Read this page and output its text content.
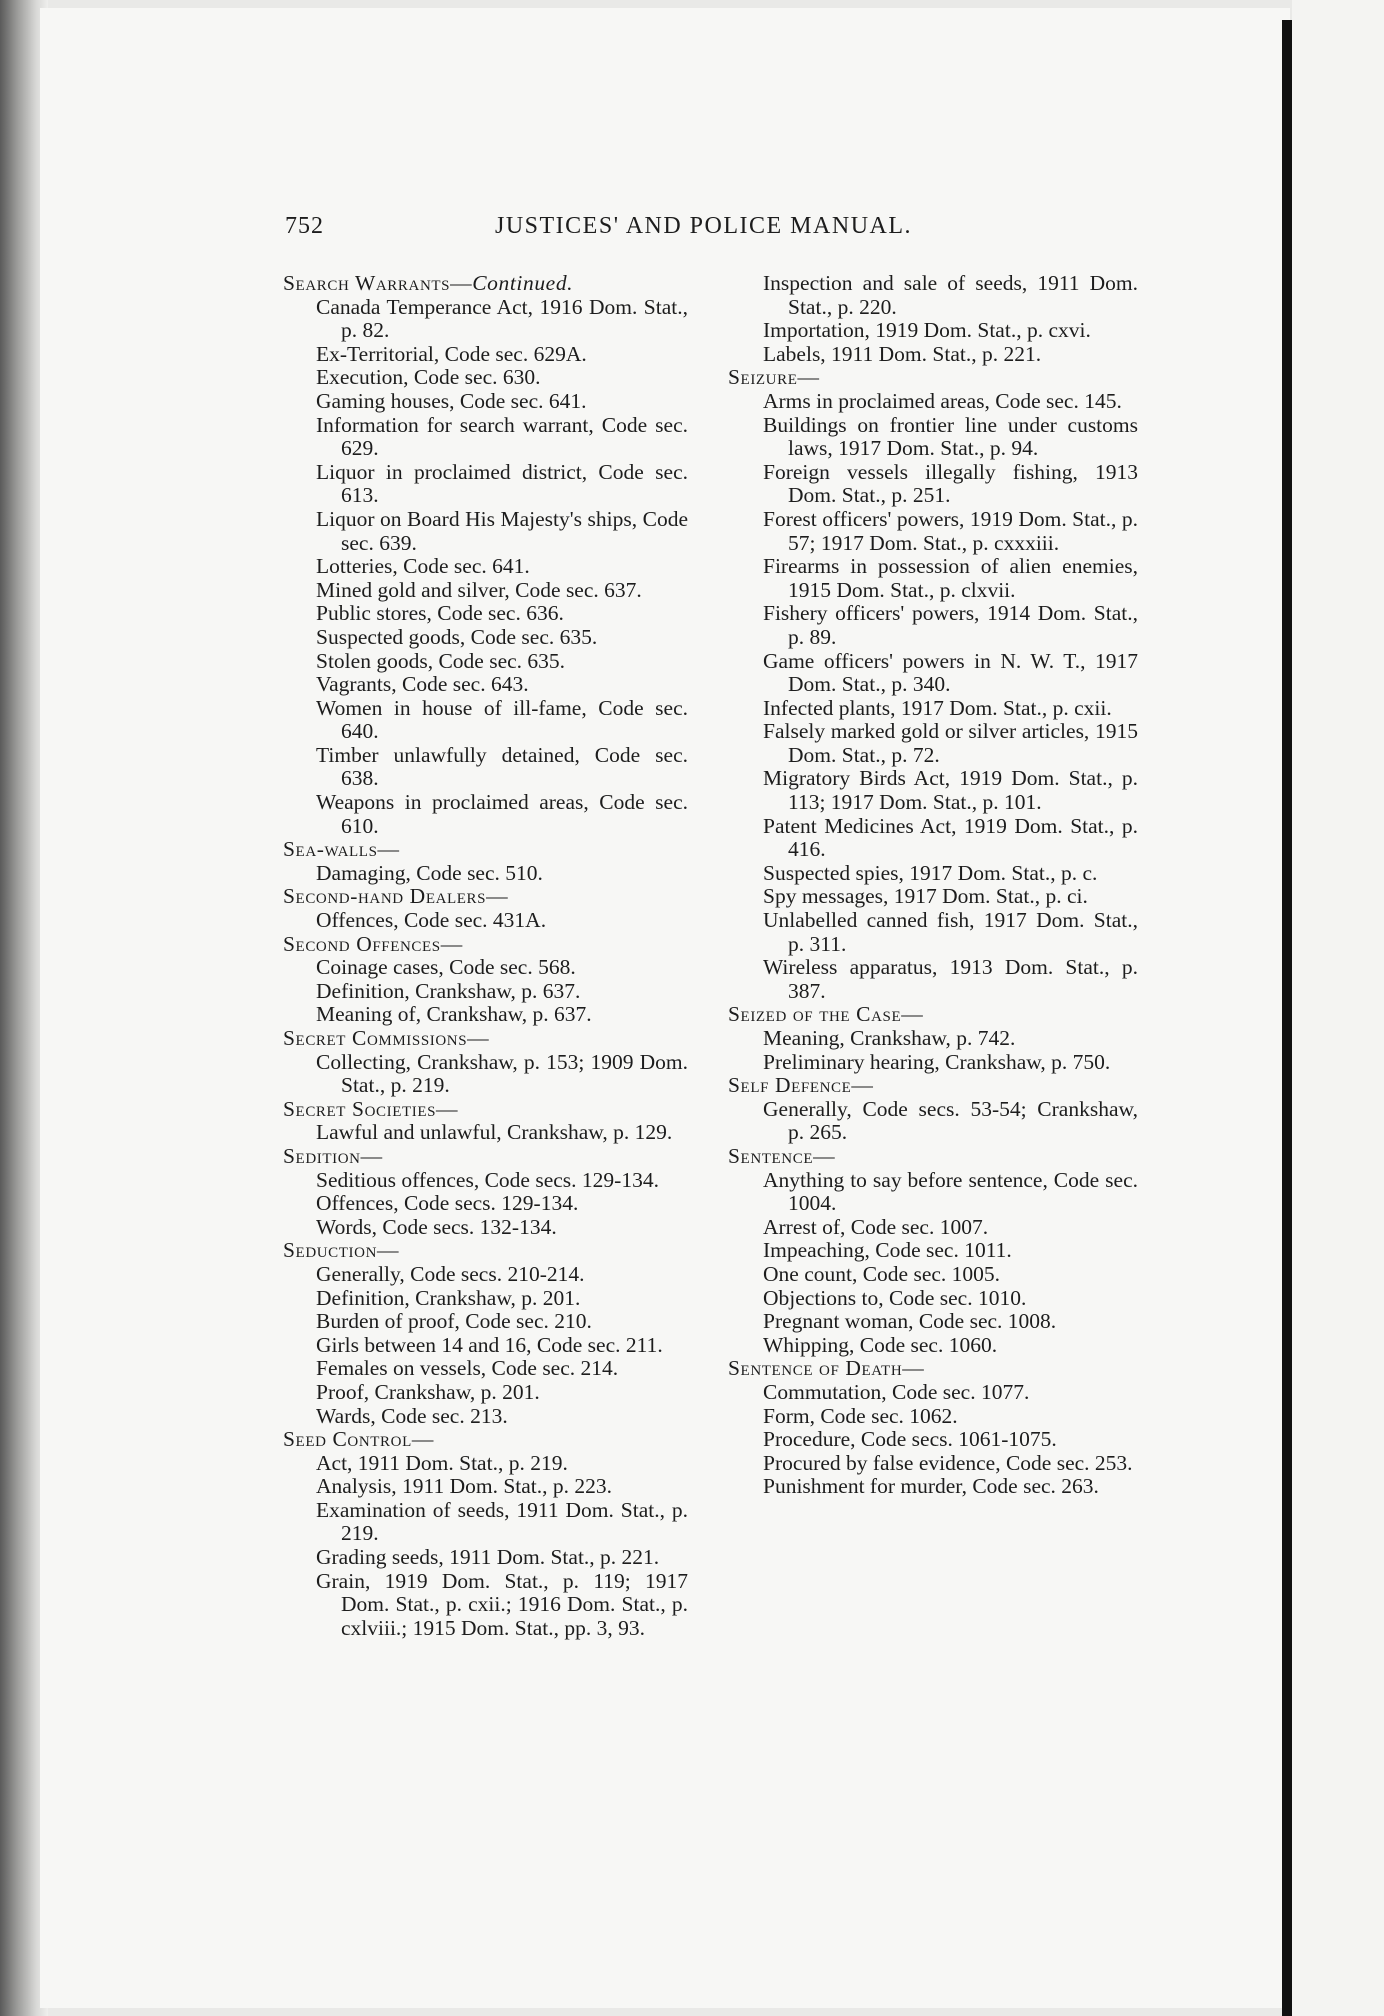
752	JUSTICES' AND POLICE MANUAL.

Search Warrants—Continued.

Canada Temperance Act, 1916 Dom. Stat., p. 82.

Ex-Territorial, Code sec. 629A.

Execution, Code sec. 630.

Gaming houses, Code sec. 641.

Information for search warrant, Code sec. 629.

Liquor in proclaimed district, Code sec. 613.

Liquor on Board His Majesty's ships, Code sec. 639.

Lotteries, Code sec. 641.

Mined gold and silver, Code sec. 637.

Public stores, Code sec. 636.

Suspected goods, Code sec. 635.

Stolen goods, Code sec. 635.

Vagrants, Code sec. 643.

Women in house of ill-fame, Code sec. 640.

Timber unlawfully detained, Code sec. 638.

Weapons in proclaimed areas, Code sec. 610.

Sea-walls—

Damaging, Code sec. 510.

Second-hand Dealers—

Offences, Code sec. 431A.

Second Offences—

Coinage cases, Code sec. 568.

Definition, Crankshaw, p. 637.

Meaning of, Crankshaw, p. 637.

Secret Commissions—

Collecting, Crankshaw, p. 153; 1909 Dom. Stat., p. 219.

Secret Societies—

Lawful and unlawful, Crankshaw, p. 129.

Sedition—

Seditious offences, Code secs. 129-134.

Offences, Code secs. 129-134.

Words, Code secs. 132-134.

Seduction—

Generally, Code secs. 210-214.

Definition, Crankshaw, p. 201.

Burden of proof, Code sec. 210.

Girls between 14 and 16, Code sec. 211.

Females on vessels, Code sec. 214.

Proof, Crankshaw, p. 201.

Wards, Code sec. 213.

Seed Control—

Act, 1911 Dom. Stat., p. 219.

Analysis, 1911 Dom. Stat., p. 223.

Examination of seeds, 1911 Dom. Stat., p. 219.

Grading seeds, 1911 Dom. Stat., p. 221.

Grain, 1919 Dom. Stat., p. 119; 1917 Dom. Stat., p. cxii.; 1916 Dom. Stat., p. cxlviii.; 1915 Dom. Stat., pp. 3, 93.

Inspection and sale of seeds, 1911 Dom. Stat., p. 220.

Importation, 1919 Dom. Stat., p. cxvi.

Labels, 1911 Dom. Stat., p. 221.

Seizure—

Arms in proclaimed areas, Code sec. 145.

Buildings on frontier line under customs laws, 1917 Dom. Stat., p. 94.

Foreign vessels illegally fishing, 1913 Dom. Stat., p. 251.

Forest officers' powers, 1919 Dom. Stat., p. 57; 1917 Dom. Stat., p. cxxxiii.

Firearms in possession of alien enemies, 1915 Dom. Stat., p. clxvii.

Fishery officers' powers, 1914 Dom. Stat., p. 89.

Game officers' powers in N. W. T., 1917 Dom. Stat., p. 340.

Infected plants, 1917 Dom. Stat., p. cxii.

Falsely marked gold or silver articles, 1915 Dom. Stat., p. 72.

Migratory Birds Act, 1919 Dom. Stat., p. 113; 1917 Dom. Stat., p. 101.

Patent Medicines Act, 1919 Dom. Stat., p. 416.

Suspected spies, 1917 Dom. Stat., p. c.

Spy messages, 1917 Dom. Stat., p. ci.

Unlabelled canned fish, 1917 Dom. Stat., p. 311.

Wireless apparatus, 1913 Dom. Stat., p. 387.

Seized of the Case—

Meaning, Crankshaw, p. 742.

Preliminary hearing, Crankshaw, p. 750.

Self Defence—

Generally, Code secs. 53-54; Crankshaw, p. 265.

Sentence—

Anything to say before sentence, Code sec. 1004.

Arrest of, Code sec. 1007.

Impeaching, Code sec. 1011.

One count, Code sec. 1005.

Objections to, Code sec. 1010.

Pregnant woman, Code sec. 1008.

Whipping, Code sec. 1060.

Sentence of Death—

Commutation, Code sec. 1077.

Form, Code sec. 1062.

Procedure, Code secs. 1061-1075.

Procured by false evidence, Code sec. 253.

Punishment for murder, Code sec. 263.
